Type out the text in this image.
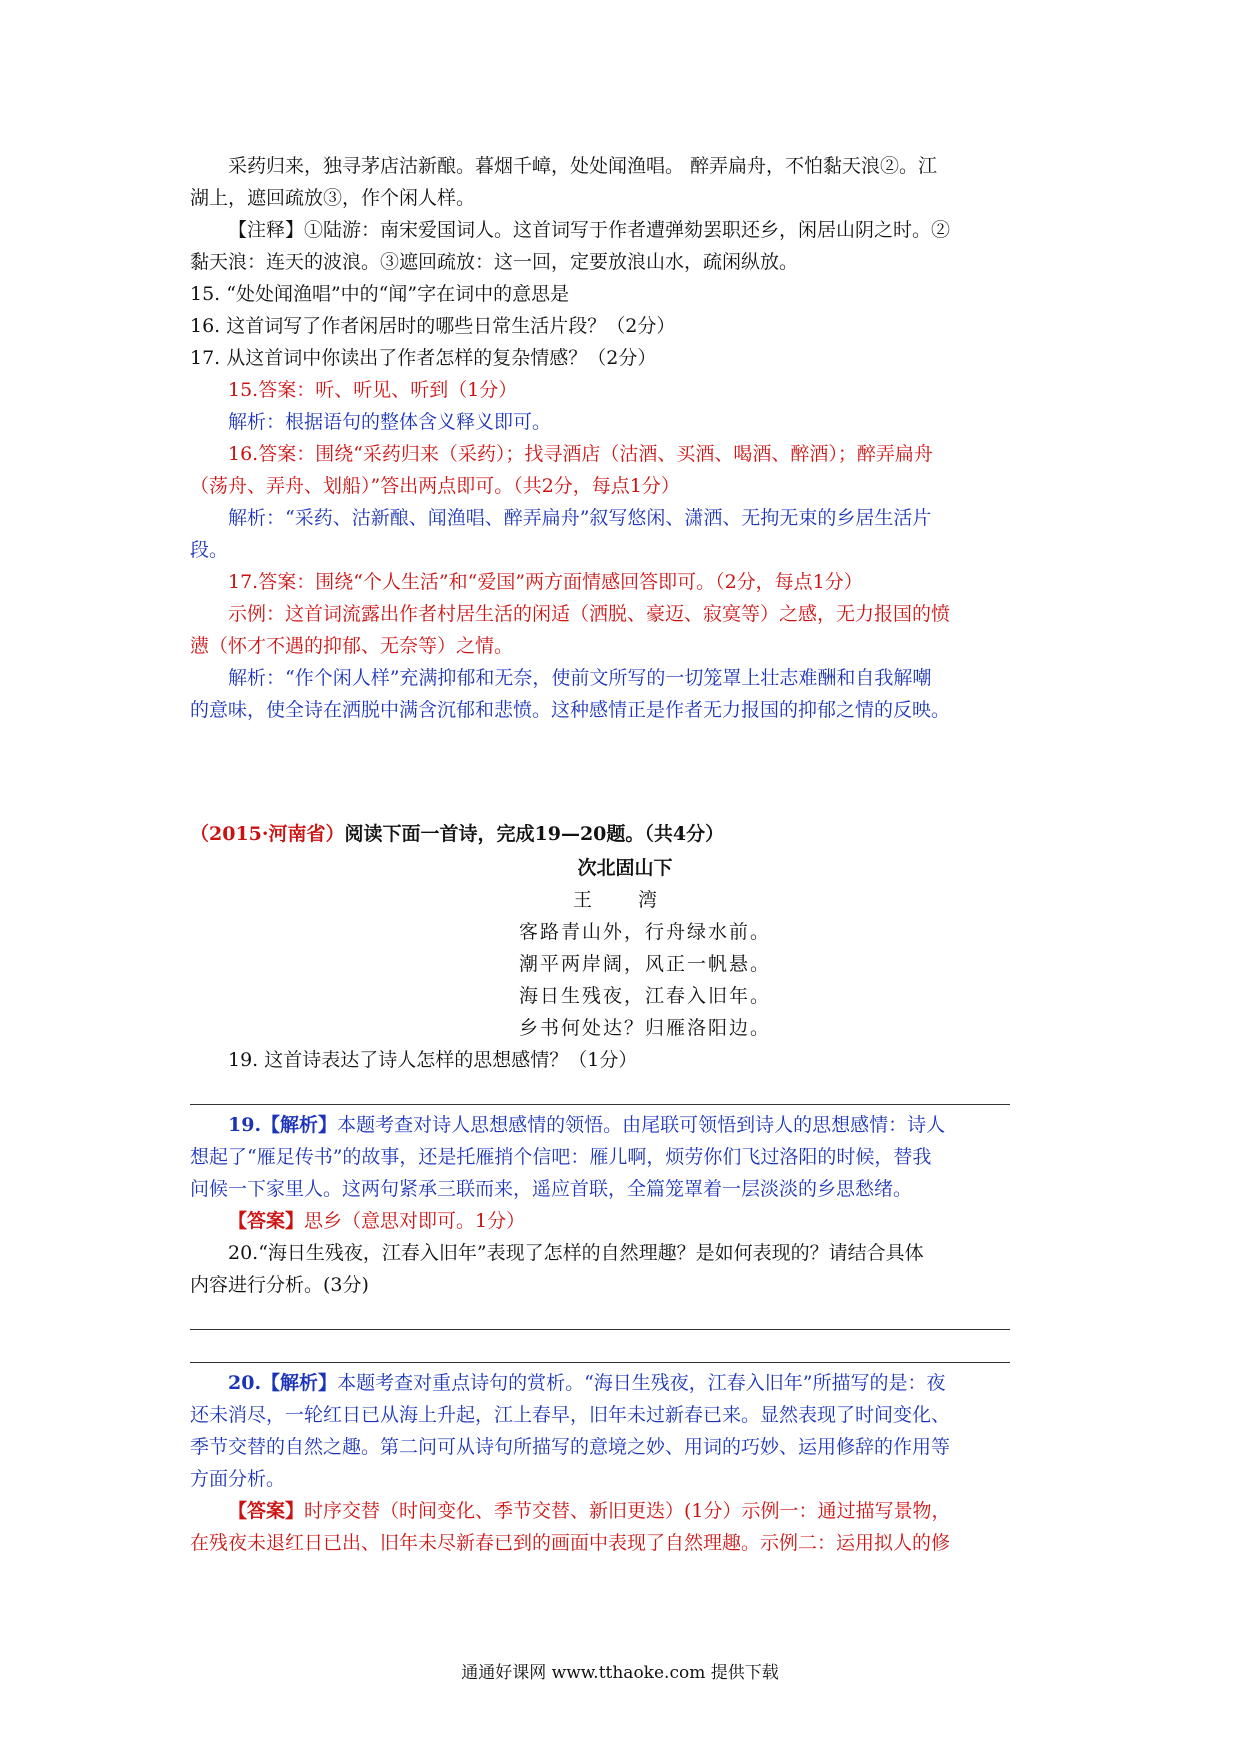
采药归来，独寻茅店沽新酿。暮烟千嶂，处处闻渔唱。 醉弄扁舟，不怕黏天浪②。江

湖上，遮回疏放③，作个闲人样。

【注释】①陆游：南宋爱国词人。这首词写于作者遭弹劾罢职还乡，闲居山阴之时。②

黏天浪：连天的波浪。③遮回疏放：这一回，定要放浪山水，疏闲纵放。

15. “处处闻渔唱”中的“闻”字在词中的意思是

16. 这首词写了作者闲居时的哪些日常生活片段？（2分）

17. 从这首词中你读出了作者怎样的复杂情感？（2分）

15.答案：听、听见、听到（1分）

解析：根据语句的整体含义释义即可。

16.答案：围绕“采药归来（采药）；找寻酒店（沽酒、买酒、喝酒、醉酒）；醉弄扁舟

（荡舟、弄舟、划船）”答出两点即可。（共2分，每点1分）

解析：“采药、沽新酿、闻渔唱、醉弄扁舟”叙写悠闲、潇洒、无拘无束的乡居生活片

段。

17.答案：围绕“个人生活”和“爱国”两方面情感回答即可。（2分，每点1分）

示例：这首词流露出作者村居生活的闲适（洒脱、豪迈、寂寞等）之感，无力报国的愤

懑（怀才不遇的抑郁、无奈等）之情。

解析：“作个闲人样”充满抑郁和无奈，使前文所写的一切笼罩上壮志难酬和自我解嘲

的意味，使全诗在洒脱中满含沉郁和悲愤。这种感情正是作者无力报国的抑郁之情的反映。

（2015·河南省）阅读下面一首诗，完成19—20题。（共4分）

次北固山下

王 湾

客路青山外，行舟绿水前。

潮平两岸阔，风正一帆悬。

海日生残夜，江春入旧年。

乡书何处达？归雁洛阳边。

19. 这首诗表达了诗人怎样的思想感情？（1分）

19.【解析】本题考查对诗人思想感情的领悟。由尾联可领悟到诗人的思想感情：诗人

想起了“雁足传书”的故事，还是托雁捎个信吧：雁儿啊，烦劳你们飞过洛阳的时候，替我

问候一下家里人。这两句紧承三联而来，遥应首联，全篇笼罩着一层淡淡的乡思愁绪。

【答案】思乡（意思对即可。1分）

20.“海日生残夜，江春入旧年”表现了怎样的自然理趣？是如何表现的？请结合具体

内容进行分析。(3分)

20.【解析】本题考查对重点诗句的赏析。“海日生残夜，江春入旧年”所描写的是：夜

还未消尽，一轮红日已从海上升起，江上春早，旧年未过新春已来。显然表现了时间变化、

季节交替的自然之趣。第二问可从诗句所描写的意境之妙、用词的巧妙、运用修辞的作用等

方面分析。

【答案】时序交替（时间变化、季节交替、新旧更迭）(1分）示例一：通过描写景物，

在残夜未退红日已出、旧年未尽新春已到的画面中表现了自然理趣。示例二：运用拟人的修

通通好课网 www.tthaoke.com 提供下载
